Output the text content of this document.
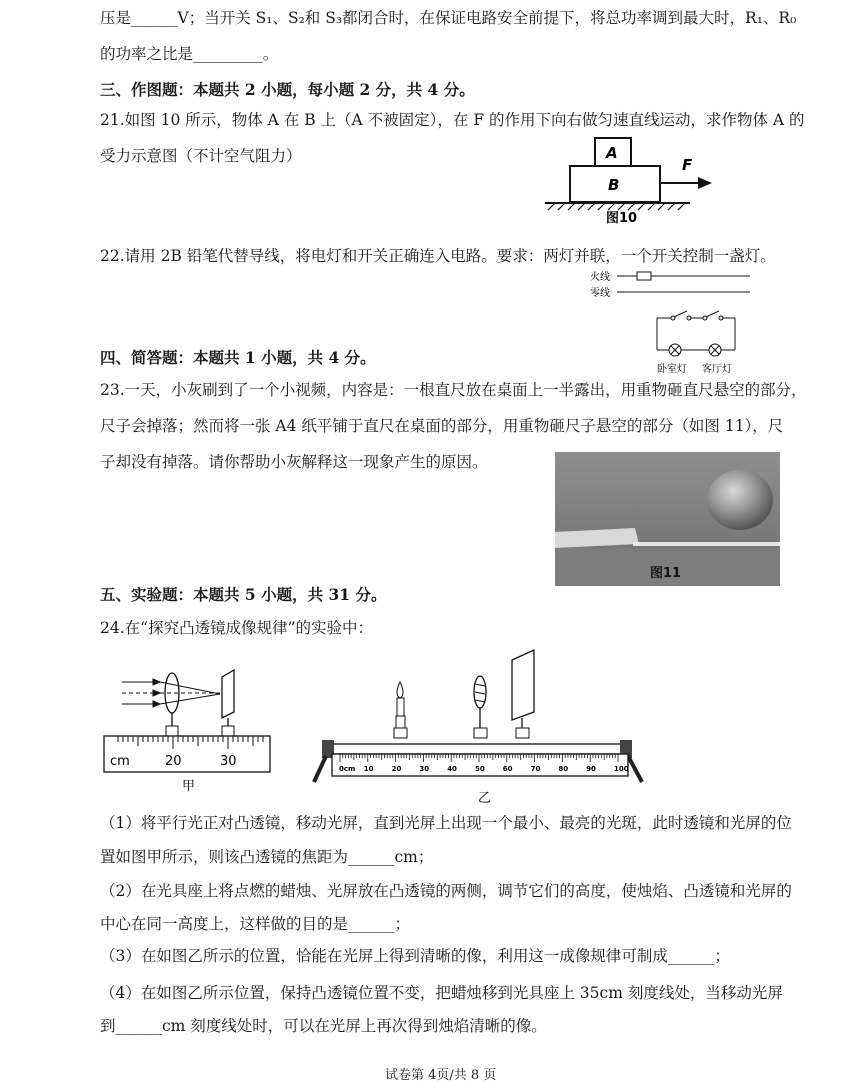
压是______V；当开关 S₁、S₂和 S₃都闭合时，在保证电路安全前提下，将总功率调到最大时，R₁、R₀
的功率之比是_________。
三、作图题：本题共 2 小题，每小题 2 分，共 4 分。
21.如图 10 所示，物体 A 在 B 上（A 不被固定），在 F 的作用下向右做匀速直线运动，求作物体 A 的
受力示意图（不计空气阻力）
22.请用 2B 铅笔代替导线，将电灯和开关正确连入电路。要求：两灯并联，一个开关控制一盏灯。
四、简答题：本题共 1 小题，共 4 分。
23.一天，小灰刷到了一个小视频，内容是：一根直尺放在桌面上一半露出，用重物砸直尺悬空的部分，
尺子会掉落；然而将一张 A4 纸平铺于直尺在桌面的部分，用重物砸尺子悬空的部分（如图 11），尺
子却没有掉落。请你帮助小灰解释这一现象产生的原因。
五、实验题：本题共 5 小题，共 31 分。
24.在“探究凸透镜成像规律”的实验中：
（1）将平行光正对凸透镜，移动光屏，直到光屏上出现一个最小、最亮的光斑，此时透镜和光屏的位
置如图甲所示，则该凸透镜的焦距为______cm；
（2）在光具座上将点燃的蜡烛、光屏放在凸透镜的两侧，调节它们的高度，使烛焰、凸透镜和光屏的
中心在同一高度上，这样做的目的是______；
（3）在如图乙所示的位置，恰能在光屏上得到清晰的像，利用这一成像规律可制成______；
（4）在如图乙所示位置，保持凸透镜位置不变，把蜡烛移到光具座上 35cm 刻度线处，当移动光屏
到______cm 刻度线处时，可以在光屏上再次得到烛焰清晰的像。
A
B
F
图10
火线
零线
卧室灯 客厅灯
图11
cm	20	30
甲
0cm 10	20	30	40	50	60	70	80	90	100
乙
试卷第 4页/共 8 页
